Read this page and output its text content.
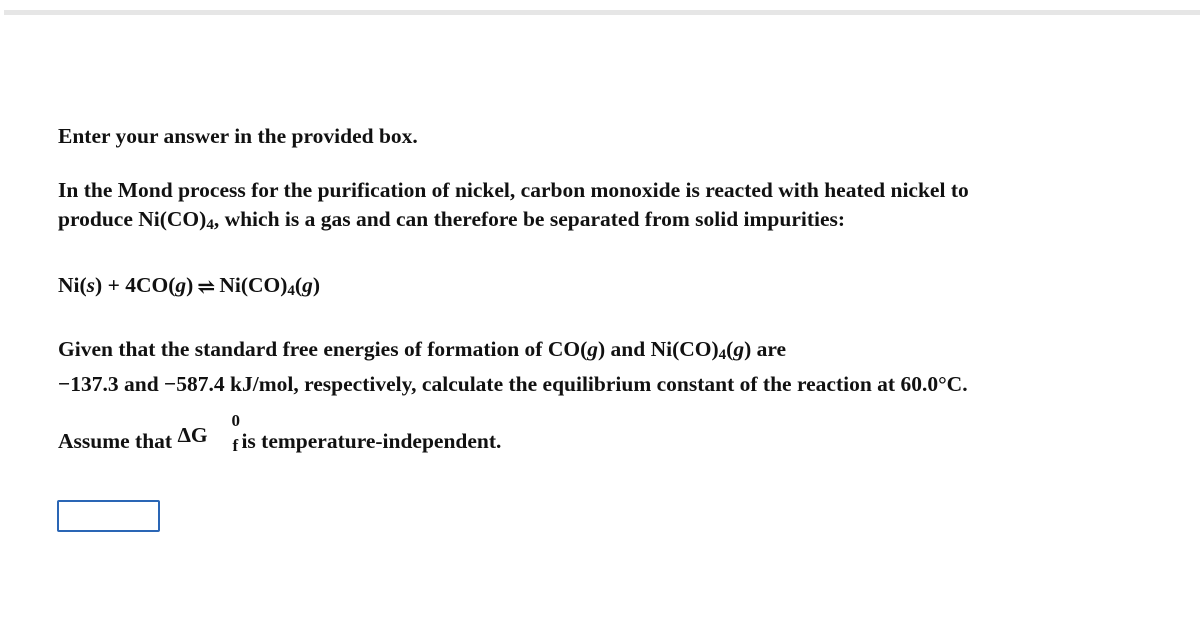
Enter your answer in the provided box.
In the Mond process for the purification of nickel, carbon monoxide is reacted with heated nickel to
produce $Ni(CO)_4$, which is a gas and can therefore be separated from solid impurities:
Ni(s) + 4CO(g) ⇌ $Ni(CO)_4(g)$
Given that the standard free energies of formation of CO(g) and $Ni(CO)_4(g)$ are
−137.3 and −587.4 kJ/mol, respectively, calculate the equilibrium constant of the reaction at 60.0°C.
Assume that ΔG
0
f is temperature-independent.
